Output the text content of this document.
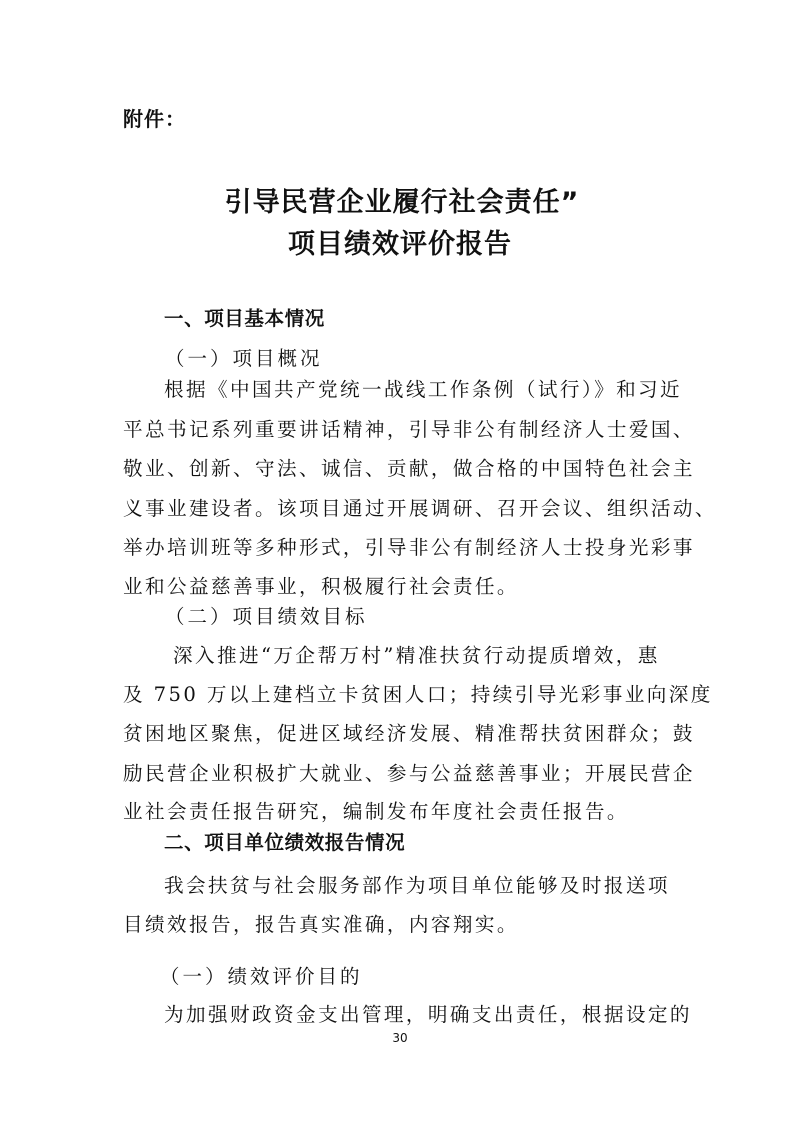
附件：
引导民营企业履行社会责任”
项目绩效评价报告
一、项目基本情况
（一）项目概况
根据《中国共产党统一战线工作条例（试行）》和习近
平总书记系列重要讲话精神，引导非公有制经济人士爱国、
敬业、创新、守法、诚信、贡献，做合格的中国特色社会主
义事业建设者。该项目通过开展调研、召开会议、组织活动、
举办培训班等多种形式，引导非公有制经济人士投身光彩事
业和公益慈善事业，积极履行社会责任。
（二）项目绩效目标
深入推进“万企帮万村”精准扶贫行动提质增效，惠
及 750 万以上建档立卡贫困人口；持续引导光彩事业向深度
贫困地区聚焦，促进区域经济发展、精准帮扶贫困群众；鼓
励民营企业积极扩大就业、参与公益慈善事业；开展民营企
业社会责任报告研究，编制发布年度社会责任报告。
二、项目单位绩效报告情况
我会扶贫与社会服务部作为项目单位能够及时报送项
目绩效报告，报告真实准确，内容翔实。
（一）绩效评价目的
为加强财政资金支出管理，明确支出责任，根据设定的
30
